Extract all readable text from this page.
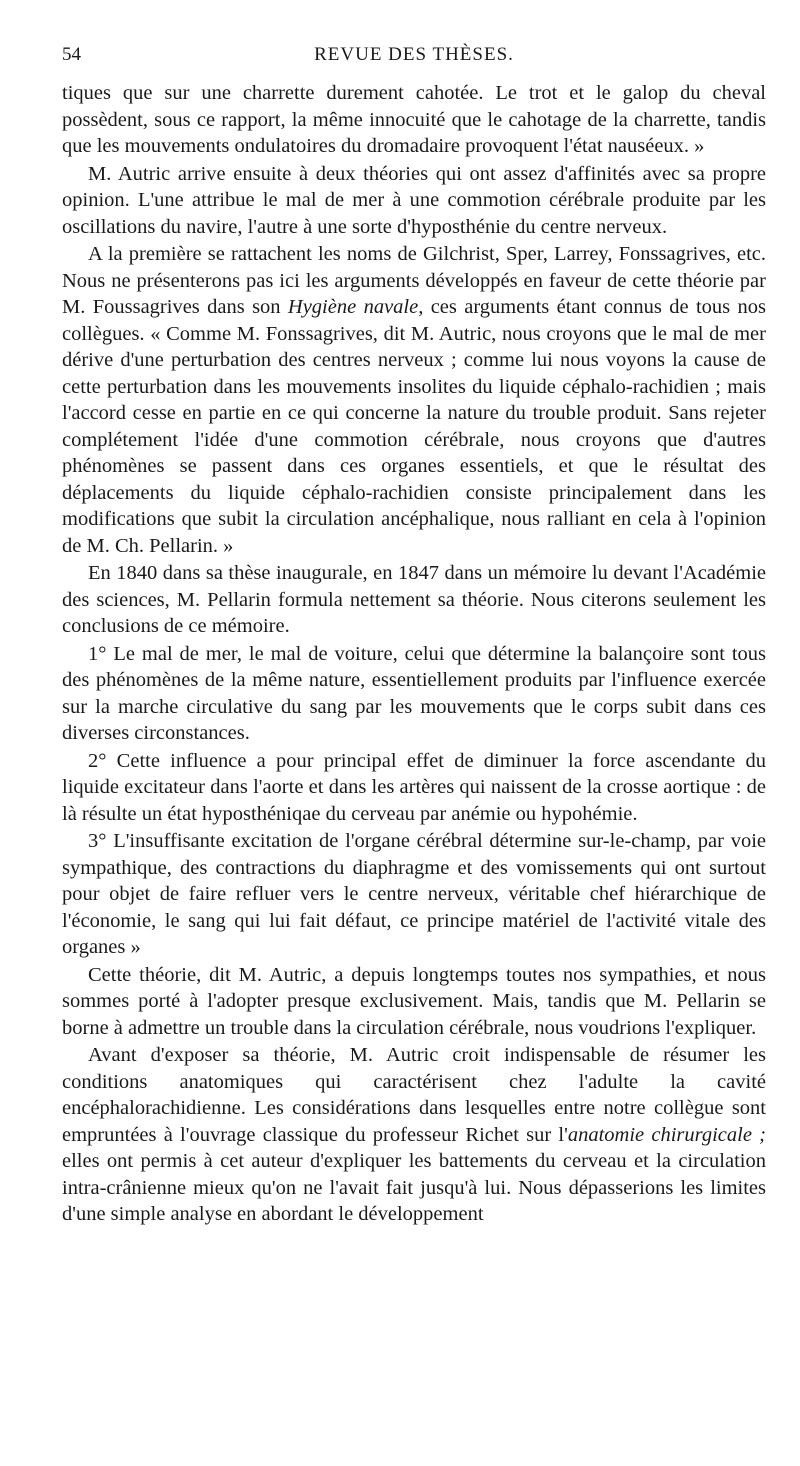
54	REVUE DES THÈSES.

tiques que sur une charrette durement cahotée. Le trot et le galop du cheval possèdent, sous ce rapport, la même innocuité que le cahotage de la charrette, tandis que les mouvements ondulatoires du dromadaire provoquent l'état nauséeux. »

M. Autric arrive ensuite à deux théories qui ont assez d'affinités avec sa propre opinion. L'une attribue le mal de mer à une commotion cérébrale produite par les oscillations du navire, l'autre à une sorte d'hyposthénie du centre nerveux.

A la première se rattachent les noms de Gilchrist, Sper, Larrey, Fonssagrives, etc. Nous ne présenterons pas ici les arguments développés en faveur de cette théorie par M. Foussagrives dans son Hygiène navale, ces arguments étant connus de tous nos collègues. « Comme M. Fonssagrives, dit M. Autric, nous croyons que le mal de mer dérive d'une perturbation des centres nerveux ; comme lui nous voyons la cause de cette perturbation dans les mouvements insolites du liquide céphalo-rachidien ; mais l'accord cesse en partie en ce qui concerne la nature du trouble produit. Sans rejeter complétement l'idée d'une commotion cérébrale, nous croyons que d'autres phénomènes se passent dans ces organes essentiels, et que le résultat des déplacements du liquide céphalo-rachidien consiste principalement dans les modifications que subit la circulation ancéphalique, nous ralliant en cela à l'opinion de M. Ch. Pellarin. »

En 1840 dans sa thèse inaugurale, en 1847 dans un mémoire lu devant l'Académie des sciences, M. Pellarin formula nettement sa théorie. Nous citerons seulement les conclusions de ce mémoire.

1° Le mal de mer, le mal de voiture, celui que détermine la balançoire sont tous des phénomènes de la même nature, essentiellement produits par l'influence exercée sur la marche circulative du sang par les mouvements que le corps subit dans ces diverses circonstances.

2° Cette influence a pour principal effet de diminuer la force ascendante du liquide excitateur dans l'aorte et dans les artères qui naissent de la crosse aortique : de là résulte un état hyposthéniqae du cerveau par anémie ou hypohémie.

3° L'insuffisante excitation de l'organe cérébral détermine sur-le-champ, par voie sympathique, des contractions du diaphragme et des vomissements qui ont surtout pour objet de faire refluer vers le centre nerveux, véritable chef hiérarchique de l'économie, le sang qui lui fait défaut, ce principe matériel de l'activité vitale des organes »

Cette théorie, dit M. Autric, a depuis longtemps toutes nos sympathies, et nous sommes porté à l'adopter presque exclusivement. Mais, tandis que M. Pellarin se borne à admettre un trouble dans la circulation cérébrale, nous voudrions l'expliquer.

Avant d'exposer sa théorie, M. Autric croit indispensable de résumer les conditions anatomiques qui caractérisent chez l'adulte la cavité encéphalorachidienne. Les considérations dans lesquelles entre notre collègue sont empruntées à l'ouvrage classique du professeur Richet sur l'anatomie chirurgicale ; elles ont permis à cet auteur d'expliquer les battements du cerveau et la circulation intra-crânienne mieux qu'on ne l'avait fait jusqu'à lui. Nous dépasserions les limites d'une simple analyse en abordant le développement
